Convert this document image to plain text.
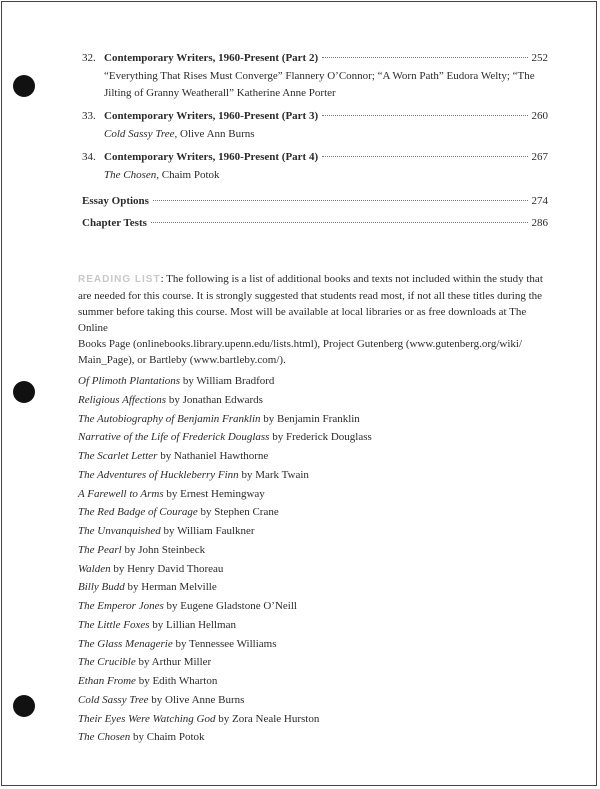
32. Contemporary Writers, 1960-Present (Part 2)	252
“Everything That Rises Must Converge” Flannery O’Connor; “A Worn Path” Eudora Welty; “The
Jilting of Granny Weatherall” Katherine Anne Porter
33. Contemporary Writers, 1960-Present (Part 3)	260
Cold Sassy Tree, Olive Ann Burns
34. Contemporary Writers, 1960-Present (Part 4)	267
The Chosen, Chaim Potok
Essay Options	274
Chapter Tests	286

READING LIST: The following is a list of additional books and texts not included within the study that
are needed for this course. It is strongly suggested that students read most, if not all these titles during the
summer before taking this course. Most will be available at local libraries or as free downloads at The Online
Books Page (onlinebooks.library.upenn.edu/lists.html), Project Gutenberg (www.gutenberg.org/wiki/
Main_Page), or Bartleby (www.bartleby.com/).

Of Plimoth Plantations by William Bradford
Religious Affections by Jonathan Edwards
The Autobiography of Benjamin Franklin by Benjamin Franklin
Narrative of the Life of Frederick Douglass by Frederick Douglass
The Scarlet Letter by Nathaniel Hawthorne
The Adventures of Huckleberry Finn by Mark Twain
A Farewell to Arms by Ernest Hemingway
The Red Badge of Courage by Stephen Crane
The Unvanquished by William Faulkner
The Pearl by John Steinbeck
Walden by Henry David Thoreau
Billy Budd by Herman Melville
The Emperor Jones by Eugene Gladstone O’Neill
The Little Foxes by Lillian Hellman
The Glass Menagerie by Tennessee Williams
The Crucible by Arthur Miller
Ethan Frome by Edith Wharton
Cold Sassy Tree by Olive Anne Burns
Their Eyes Were Watching God by Zora Neale Hurston
The Chosen by Chaim Potok
